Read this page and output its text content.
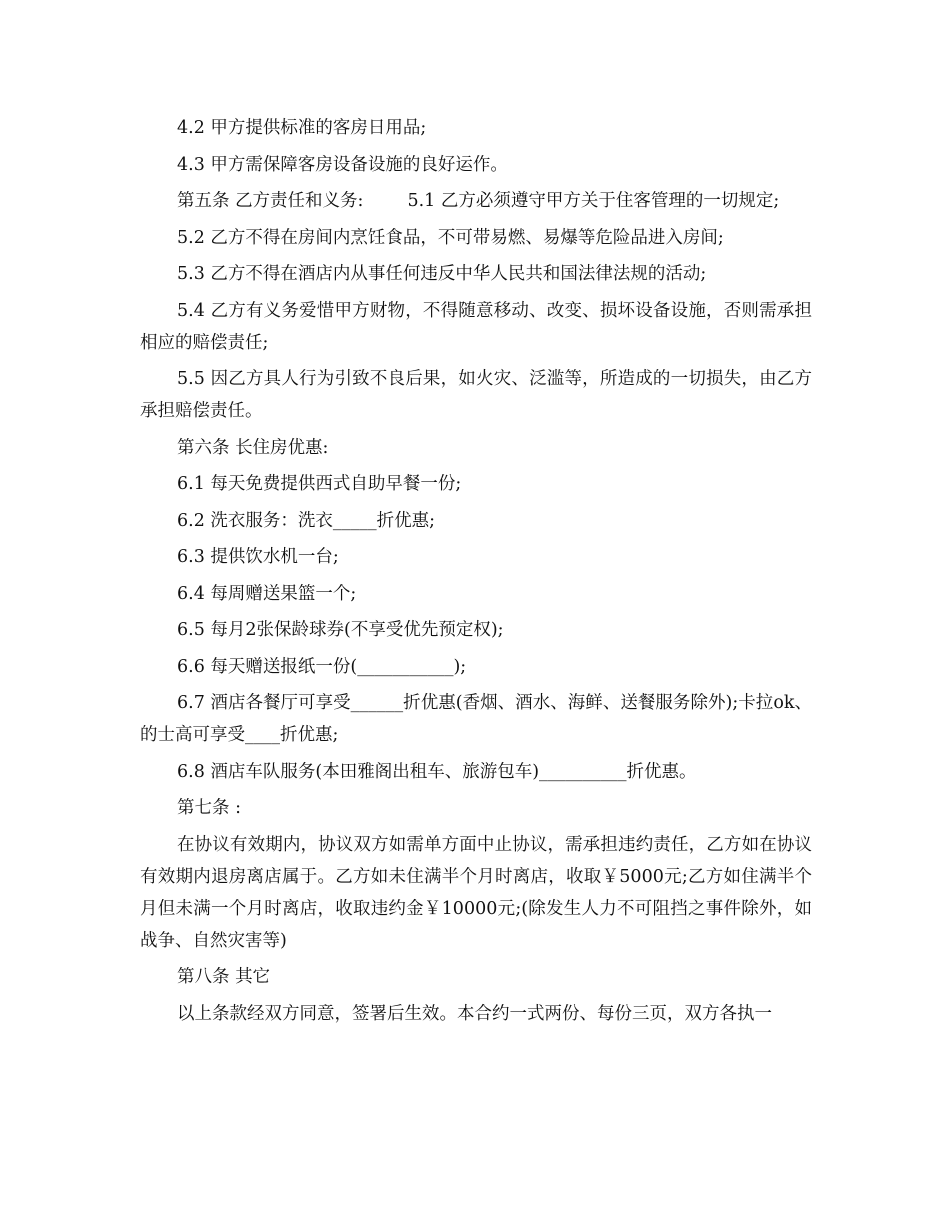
4.2 甲方提供标准的客房日用品;

4.3 甲方需保障客房设备设施的良好运作。

第五条 乙方责任和义务:	5.1 乙方必须遵守甲方关于住客管理的一切规定;

5.2 乙方不得在房间内烹饪食品，不可带易燃、易爆等危险品进入房间;

5.3 乙方不得在酒店内从事任何违反中华人民共和国法律法规的活动;

5.4 乙方有义务爱惜甲方财物，不得随意移动、改变、损坏设备设施，否则需承担相应的赔偿责任;

5.5 因乙方具人行为引致不良后果，如火灾、泛滥等，所造成的一切损失，由乙方承担赔偿责任。

第六条 长住房优惠:

6.1 每天免费提供西式自助早餐一份;

6.2 洗衣服务：洗衣_____折优惠;

6.3 提供饮水机一台;

6.4 每周赠送果篮一个;

6.5 每月2张保龄球券(不享受优先预定权);

6.6 每天赠送报纸一份(___________);

6.7 酒店各餐厅可享受______折优惠(香烟、酒水、海鲜、送餐服务除外);卡拉ok、的士高可享受____折优惠;

6.8 酒店车队服务(本田雅阁出租车、旅游包车)__________折优惠。

第七条 :

在协议有效期内，协议双方如需单方面中止协议，需承担违约责任，乙方如在协议有效期内退房离店属于。乙方如未住满半个月时离店，收取￥5000元;乙方如住满半个月但未满一个月时离店，收取违约金￥10000元;(除发生人力不可阻挡之事件除外，如战争、自然灾害等)

第八条 其它

以上条款经双方同意，签署后生效。本合约一式两份、每份三页，双方各执一
